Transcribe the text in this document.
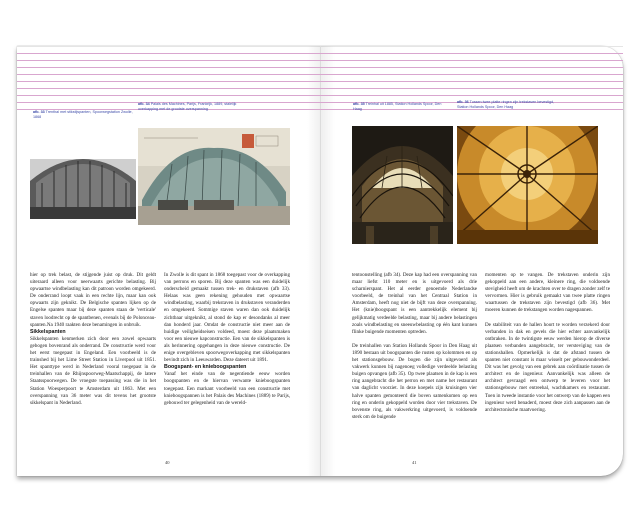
afb. 33 Trenthal met stikstijspanten, Spoorwegstation Zwolle, 1868
afb. 34 Palais des Machines, Parijs, Frankrijk, 1889, stalelijk overkapping met de grootste overspanning

hier op trek belast, de stijgende juist op druk. Dit geldt uiteraard alleen voor neerwaarts gerichte belasting. Bij opwaartse windbelasting kan dit patroon worden omgekeerd. De onderrand loopt vaak in een rechte lijn, maar kan ook opwaarts zijn geknikt. De Belgische spanten lijken op de Engelse spanten maar bij deze spanten staan de 'verticale' staven loodrecht op de spantbenen, evenals bij de Polonceau-spanten.Na 1940 raakten deze benamingen in onbruik.

Sikkelspanten

Sikkelspanten kenmerken zich door een zowel opwaarts gebogen bovenrand als onderrand. De constructie werd voor het eerst toegepast in Engeland. Een voorbeeld is de trainshed bij het Lime Street Station in Liverpool uit 1851. Het spanttype werd in Nederland vooral toegepast in de treinhallen van de Rhijnspoorweg-Maatschappij, de latere Staatsspoorwegen. De vroegste toepassing was die in het Station Woesperpoort te Amsterdam uit 1863. Met een overspanning van 36 meter was dit tevens het grootste sikkelspant in Nederland.

In Zwolle is dit spant in 1868 toegepast voor de overkapping van perrons en sporen. Bij deze spanten was een duidelijk onderscheid gemaakt tussen trek- en drukstaven (afb 33). Helaas was geen rekening gehouden met opwaartse windbelasting, waarbij trekstaven in drukstaven veranderden en omgekeerd. Sommige staven waren dan ook duidelijk zichtbaar uitgeknikt, al stond de kap er desondanks al meer dan honderd jaar. Omdat de constructie niet meer aan de huidige veiligheidseisen voldeed, moest deze plaatsmaken voor een nieuwe kapconstructie. Een van de sikkelspanten is als herinnering opgehangen in deze nieuwe constructie. De enige overgebleven spoorwegoverkapping met sikkelspanten bevindt zich in Leeuwarden. Deze dateert uit 1891.

Boogspant- en knieboogspanten

Vanaf het einde van de negentiende eeuw worden boogspanten en de hiervan verwante knieboogspanten toegepast. Een markant voorbeeld van een constructie met knieboogspannen is het Palais des Machines (1889) te Parijs, gebouwd ter gelegenheid van de wereld-

40
afb. 35 Treinhal uit 1885, Station Hollands Spoor, Den Haag
afb. 36 Tussen twee platte ringen zijn trekstaven bevestigd, Station Hollands Spoor, Den Haag

tentoonstelling (afb 34). Deze kap had een overspanning van maar liefst 110 meter en is uitgevoerd als drie scharnierspant. Het al eerder genoemde Nederlandse voorbeeld, de treinhal van het Centraal Station in Amsterdam, heeft nog niet de bijft van deze overspanning. Het (knie)boogspant is een aantrekkelijk element bij gelijkmatig verdeelde belasting, maar bij andere belastingen zoals windbelasting en sneeuwbelasting op één kant kunnen flinke buigende momenten optreden.

De treinhallen van Station Hollands Spoor in Den Haag uit 1890 bestaan uit boogspanten die rusten op kolommen en op het stationsgebouw. De bogen die zijn uitgevoerd als vakwerk kunnen bij nagenoeg volledige verdeelde belasting buigen opvangen (afb 35). Op twee plaatsen in de kap is een ring aangebracht die het perron en met name het restaurant van daglicht voorziet. In deze koepels zijn kruisingen vier halve spanten gemonteerd die boven samenkomen op een ring en onderin gekoppeld worden door vier trekstaven. De bovenste ring, als vakwerkring uitgevoerd, is voldoende sterk om de buigende

momenten op te vangen. De trekstaven onderin zijn gekoppeld aan een andere, kleinere ring, die voldoende stevigheid heeft om de krachten over te dragen zonder zelf te vervormen. Hier is gebruik gemaakt van twee platte ringen waartussen de trekstaven zijn bevestigd (afb 36). Met moeren kunnen de trekstangen worden nagespannen.

De stabiliteit van de hallen hoort te worden verzekerd door verbanden in dak en gevels die hier echter aanvankelijk ontbraken. In de twintigste eeuw werden hierop de diverse plaatsen verbanden aangebracht, ter versteviging van de stationshallen. Opmerkelijk is dat de afstand tussen de spanten niet constant is maar wisselt per gebouwonderdeel. Dit was het gevolg van een gebrek aan coördinatie tussen de architect en de ingenieur. Aanvankelijk was alleen de architect gevraagd een ontwerp te leveren voor het stationsgebouw met entreehal, wachtkamers en restaurant. Toen in tweede instantie voor het ontwerp van de kappen een ingenieur werd benaderd, moest deze zich aanpassen aan de architectonische maatvoering.

41
